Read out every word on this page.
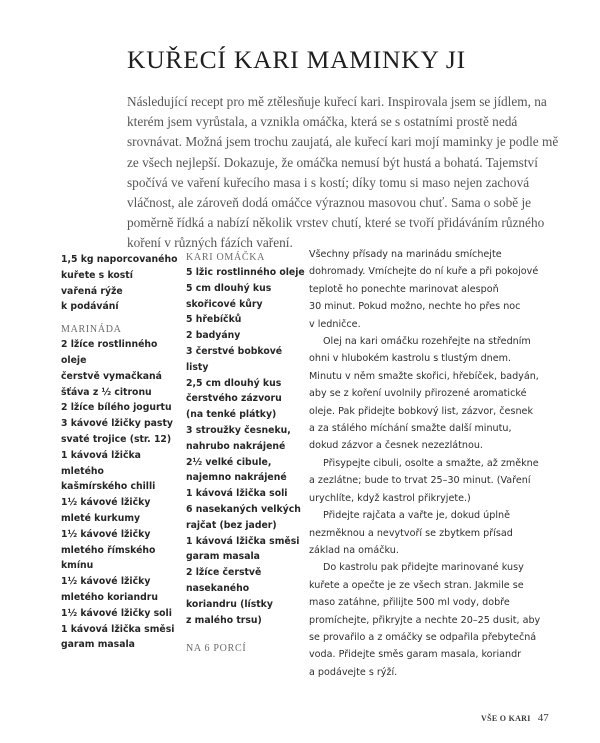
KUŘECÍ KARI MAMINKY JI
Následující recept pro mě ztělesňuje kuřecí kari. Inspirovala jsem se jídlem, na
kterém jsem vyrůstala, a vznikla omáčka, která se s ostatními prostě nedá
srovnávat. Možná jsem trochu zaujatá, ale kuřecí kari mojí maminky je podle mě
ze všech nejlepší. Dokazuje, že omáčka nemusí být hustá a bohatá. Tajemství
spočívá ve vaření kuřecího masa i s kostí; díky tomu si maso nejen zachová
vláčnost, ale zároveň dodá omáčce výraznou masovou chuť. Sama o sobě je
poměrně řídká a nabízí několik vrstev chutí, které se tvoří přidáváním různého
koření v různých fázích vaření.
1,5 kg naporcovaného
kuřete s kostí
vařená rýže
k podávání
MARINÁDA
2 lžíce rostlinného
oleje
čerstvě vymačkaná
šťáva z ½ citronu
2 lžíce bílého jogurtu
3 kávové lžičky pasty
svaté trojice (str. 12)
1 kávová lžička
mletého
kašmírského chilli
1½ kávové lžičky
mleté kurkumy
1½ kávové lžičky
mletého římského
kmínu
1½ kávové lžičky
mletého koriandru
1½ kávové lžičky soli
1 kávová lžička směsi
garam masala
KARI OMÁČKA
5 lžic rostlinného oleje
5 cm dlouhý kus
skořicové kůry
5 hřebíčků
2 badyány
3 čerstvé bobkové
listy
2,5 cm dlouhý kus
čerstvého zázvoru
(na tenké plátky)
3 stroužky česneku,
nahrubo nakrájené
2½ velké cibule,
najemno nakrájené
1 kávová lžička soli
6 nasekaných velkých
rajčat (bez jader)
1 kávová lžička směsi
garam masala
2 lžíce čerstvě
nasekaného
koriandru (lístky
z malého trsu)
NA 6 PORCÍ

Všechny přísady na marinádu smíchejte
dohromady. Vmíchejte do ní kuře a při pokojové
teplotě ho ponechte marinovat alespoň
30 minut. Pokud možno, nechte ho přes noc
v ledničce.

Olej na kari omáčku rozehřejte na středním
ohni v hlubokém kastrolu s tlustým dnem.
Minutu v něm smažte skořici, hřebíček, badyán,
aby se z koření uvolnily přirozené aromatické
oleje. Pak přidejte bobkový list, zázvor, česnek
a za stálého míchání smažte další minutu,
dokud zázvor a česnek nezezlátnou.

Přisypejte cibuli, osolte a smažte, až změkne
a zezlátne; bude to trvat 25–30 minut. (Vaření
urychlíte, když kastrol přikryjete.)

Přidejte rajčata a vařte je, dokud úplně
nezměknou a nevytvoří se zbytkem přísad
základ na omáčku.

Do kastrolu pak přidejte marinované kusy
kuřete a opečte je ze všech stran. Jakmile se
maso zatáhne, přilijte 500 ml vody, dobře
promíchejte, přikryjte a nechte 20–25 dusit, aby
se provařilo a z omáčky se odpařila přebytečná
voda. Přidejte směs garam masala, koriandr
a podávejte s rýží.

VŠE O KARI 47
